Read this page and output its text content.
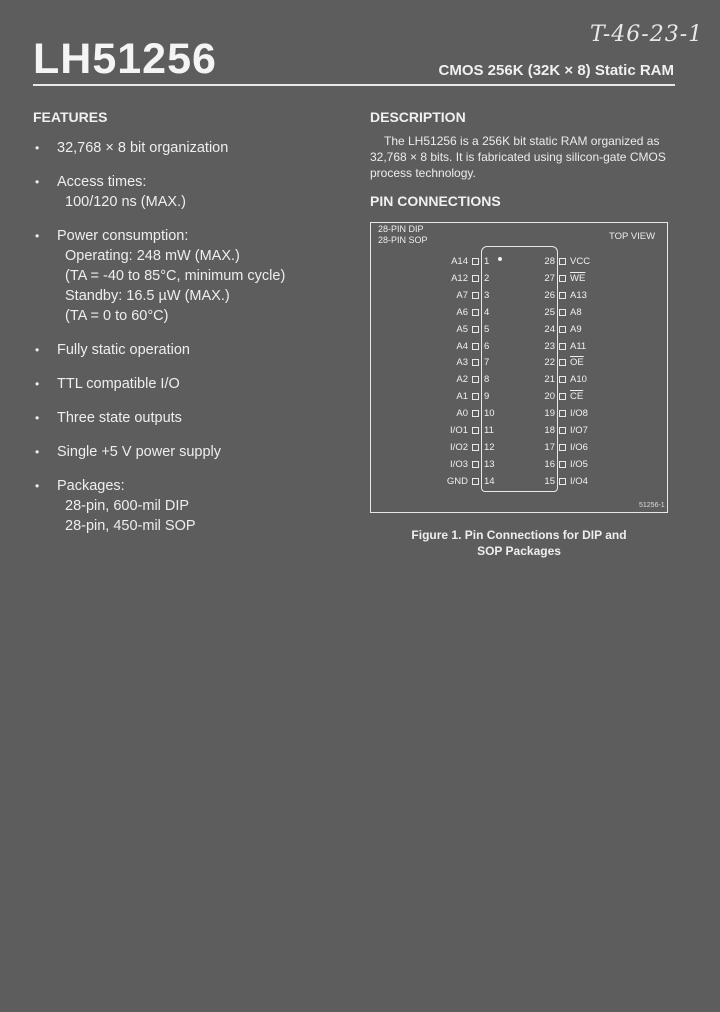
LH51256
T-46-23-1
CMOS 256K (32K × 8) Static RAM
FEATURES
• 32,768 × 8 bit organization
• Access times:
100/120 ns (MAX.)
• Power consumption:
Operating: 248 mW (MAX.)
(TA = -40 to 85°C, minimum cycle)
Standby: 16.5 µW (MAX.)
(TA = 0 to 60°C)
• Fully static operation
• TTL compatible I/O
• Three state outputs
• Single +5 V power supply
• Packages:
28-pin, 600-mil DIP
28-pin, 450-mil SOP
DESCRIPTION

The LH51256 is a 256K bit static RAM organized as 32,768 × 8 bits. It is fabricated using silicon-gate CMOS process technology.

PIN CONNECTIONS
28-PIN DIP
28-PIN SOP	TOP VIEW
A14 1
A12 2
A7 3
A6 4
A5 5
A4 6
A3 7
A2 8
A1 9
A0 10
I/O1 11
I/O2 12
I/O3 13
GND 14
28 VCC
27 $\overline{WE}$
26 A13
25 A8
24 A9
23 A11
22 $\overline{OE}$
21 A10
20 $\overline{CE}$
19 I/O8
18 I/O7
17 I/O6
16 I/O5
15 I/O4
51256-1
Figure 1. Pin Connections for DIP and SOP Packages
